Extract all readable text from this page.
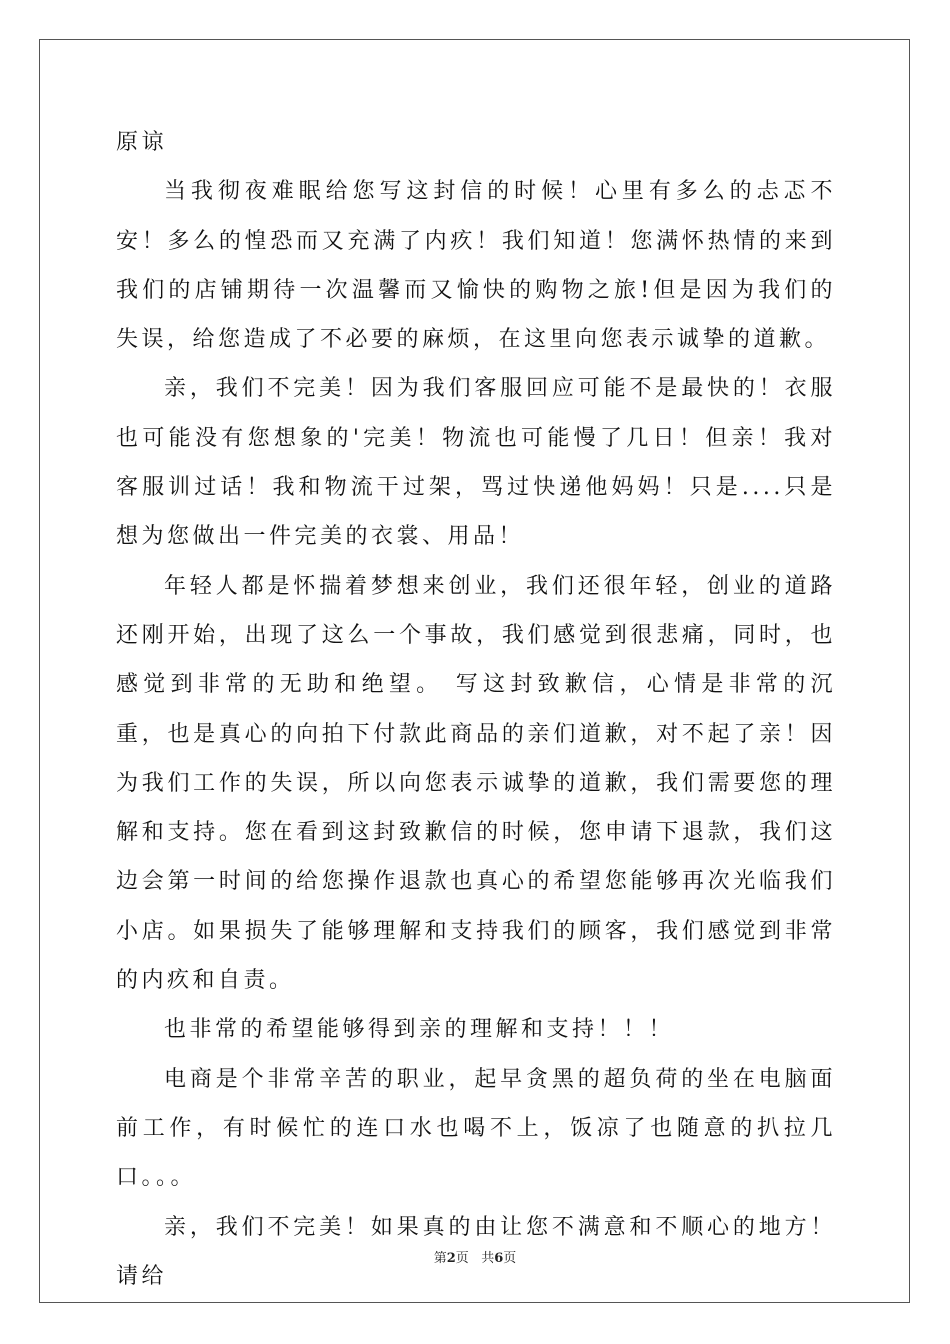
原谅

当我彻夜难眠给您写这封信的时候！心里有多么的忐忑不安！多么的惶恐而又充满了内疚！我们知道！您满怀热情的来到我们的店铺期待一次温馨而又愉快的购物之旅!但是因为我们的失误，给您造成了不必要的麻烦，在这里向您表示诚挚的道歉。

亲，我们不完美！因为我们客服回应可能不是最快的！衣服也可能没有您想象的'完美！物流也可能慢了几日！但亲！我对客服训过话！我和物流干过架，骂过快递他妈妈！只是....只是想为您做出一件完美的衣裳、用品！

年轻人都是怀揣着梦想来创业，我们还很年轻，创业的道路还刚开始，出现了这么一个事故，我们感觉到很悲痛，同时，也感觉到非常的无助和绝望。 写这封致歉信，心情是非常的沉重，也是真心的向拍下付款此商品的亲们道歉，对不起了亲！因为我们工作的失误，所以向您表示诚挚的道歉，我们需要您的理解和支持。您在看到这封致歉信的时候，您申请下退款，我们这边会第一时间的给您操作退款也真心的希望您能够再次光临我们小店。如果损失了能够理解和支持我们的顾客，我们感觉到非常的内疚和自责。

也非常的希望能够得到亲的理解和支持！！！

电商是个非常辛苦的职业，起早贪黑的超负荷的坐在电脑面前工作，有时候忙的连口水也喝不上，饭凉了也随意的扒拉几口。。。

亲，我们不完美！如果真的由让您不满意和不顺心的地方！请给

第2页 共6页
